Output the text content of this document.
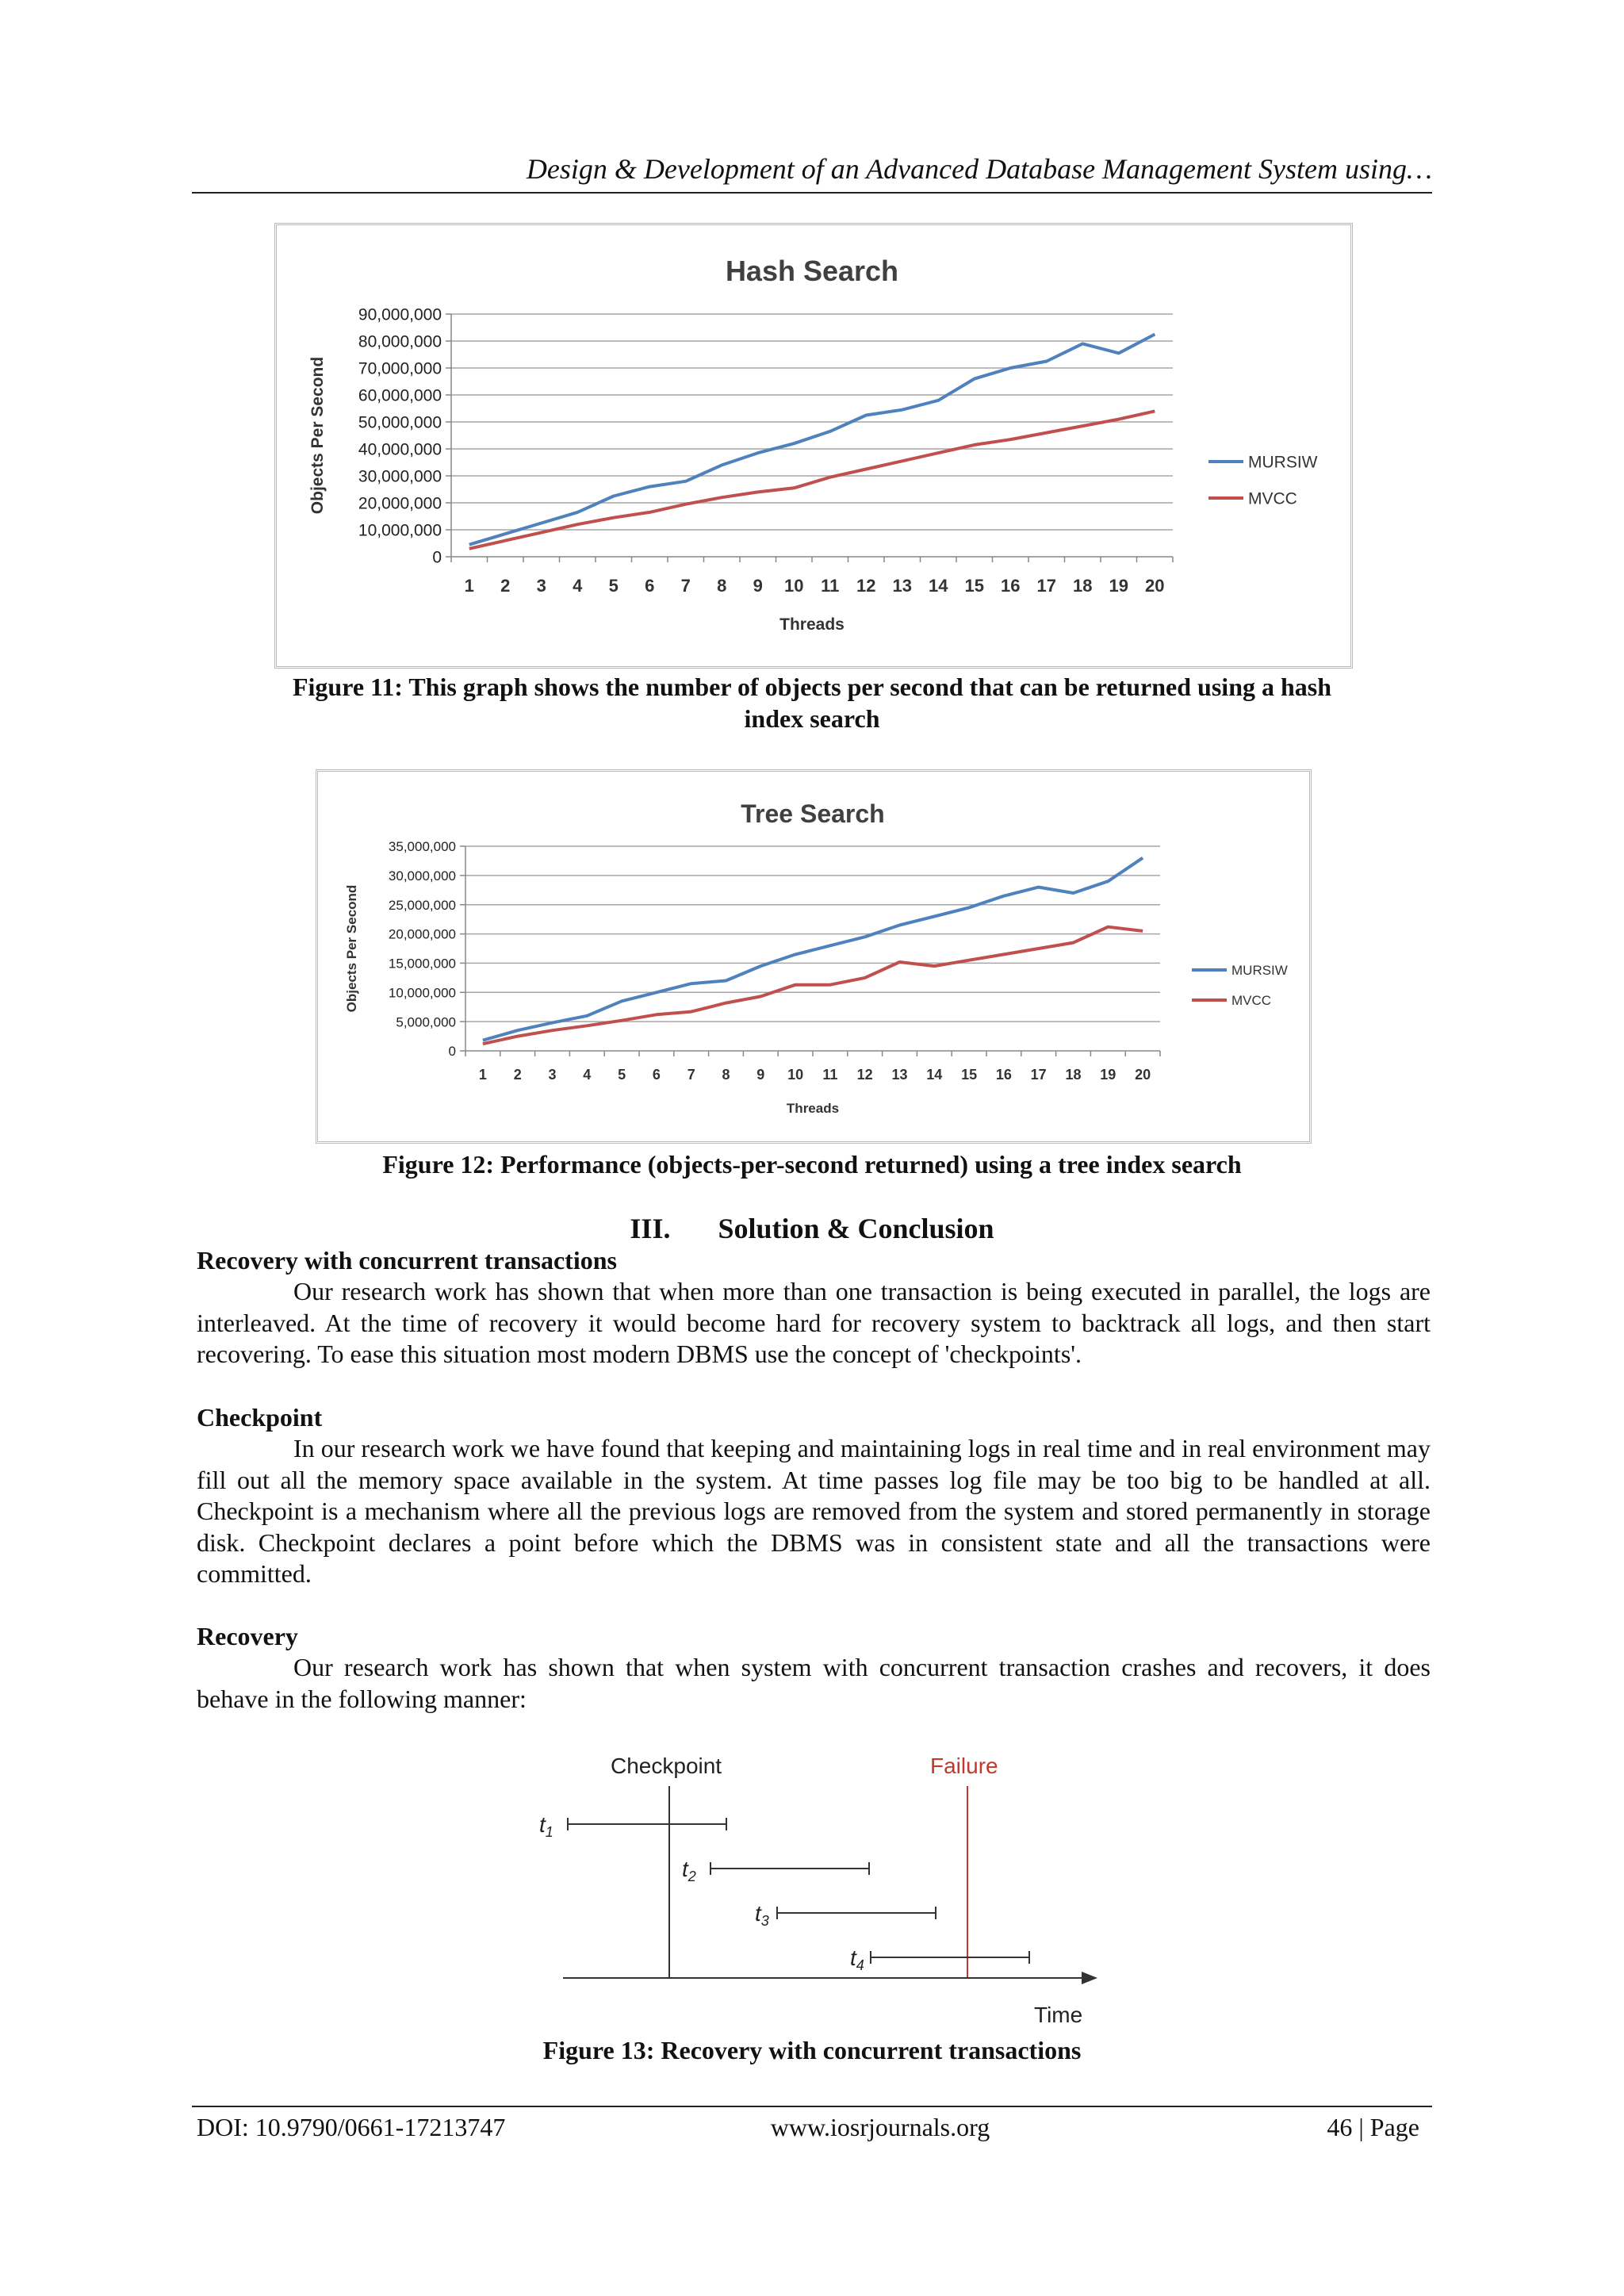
Design & Development of an Advanced Database Management System using…
Hash Search
0
10,000,000
20,000,000
30,000,000
40,000,000
50,000,000
60,000,000
70,000,000
80,000,000
90,000,000
1 2 3 4 5 6 7 8 9 10 11 12 13 14 15 16 17 18 19 20
Threads
Objects Per Second	MURSIW
MVCC
Figure 11: This graph shows the number of objects per second that can be returned using a hash index search
Tree Search
0
5,000,000
10,000,000
15,000,000
20,000,000
25,000,000
30,000,000
35,000,000
1 2 3 4 5 6 7 8 9 10 11 12 13 14 15 16 17 18 19 20
Threads
Objects Per Second	MURSIW
MVCC
Figure 12: Performance (objects-per-second returned) using a tree index search
III. Solution & Conclusion
Recovery with concurrent transactions
Our research work has shown that when more than one transaction is being executed in parallel, the logs are interleaved. At the time of recovery it would become hard for recovery system to backtrack all logs, and then start recovering. To ease this situation most modern DBMS use the concept of 'checkpoints'.
Checkpoint
In our research work we have found that keeping and maintaining logs in real time and in real environment may fill out all the memory space available in the system. At time passes log file may be too big to be handled at all. Checkpoint is a mechanism where all the previous logs are removed from the system and stored permanently in storage disk. Checkpoint declares a point before which the DBMS was in consistent state and all the transactions were committed.
Recovery
Our research work has shown that when system with concurrent transaction crashes and recovers, it does behave in the following manner:
Checkpoint	Failure
$t_1$
$t_2$
$t_3$
$t_4$
Time
Figure 13: Recovery with concurrent transactions
DOI: 10.9790/0661-17213747	www.iosrjournals.org	46 | Page
